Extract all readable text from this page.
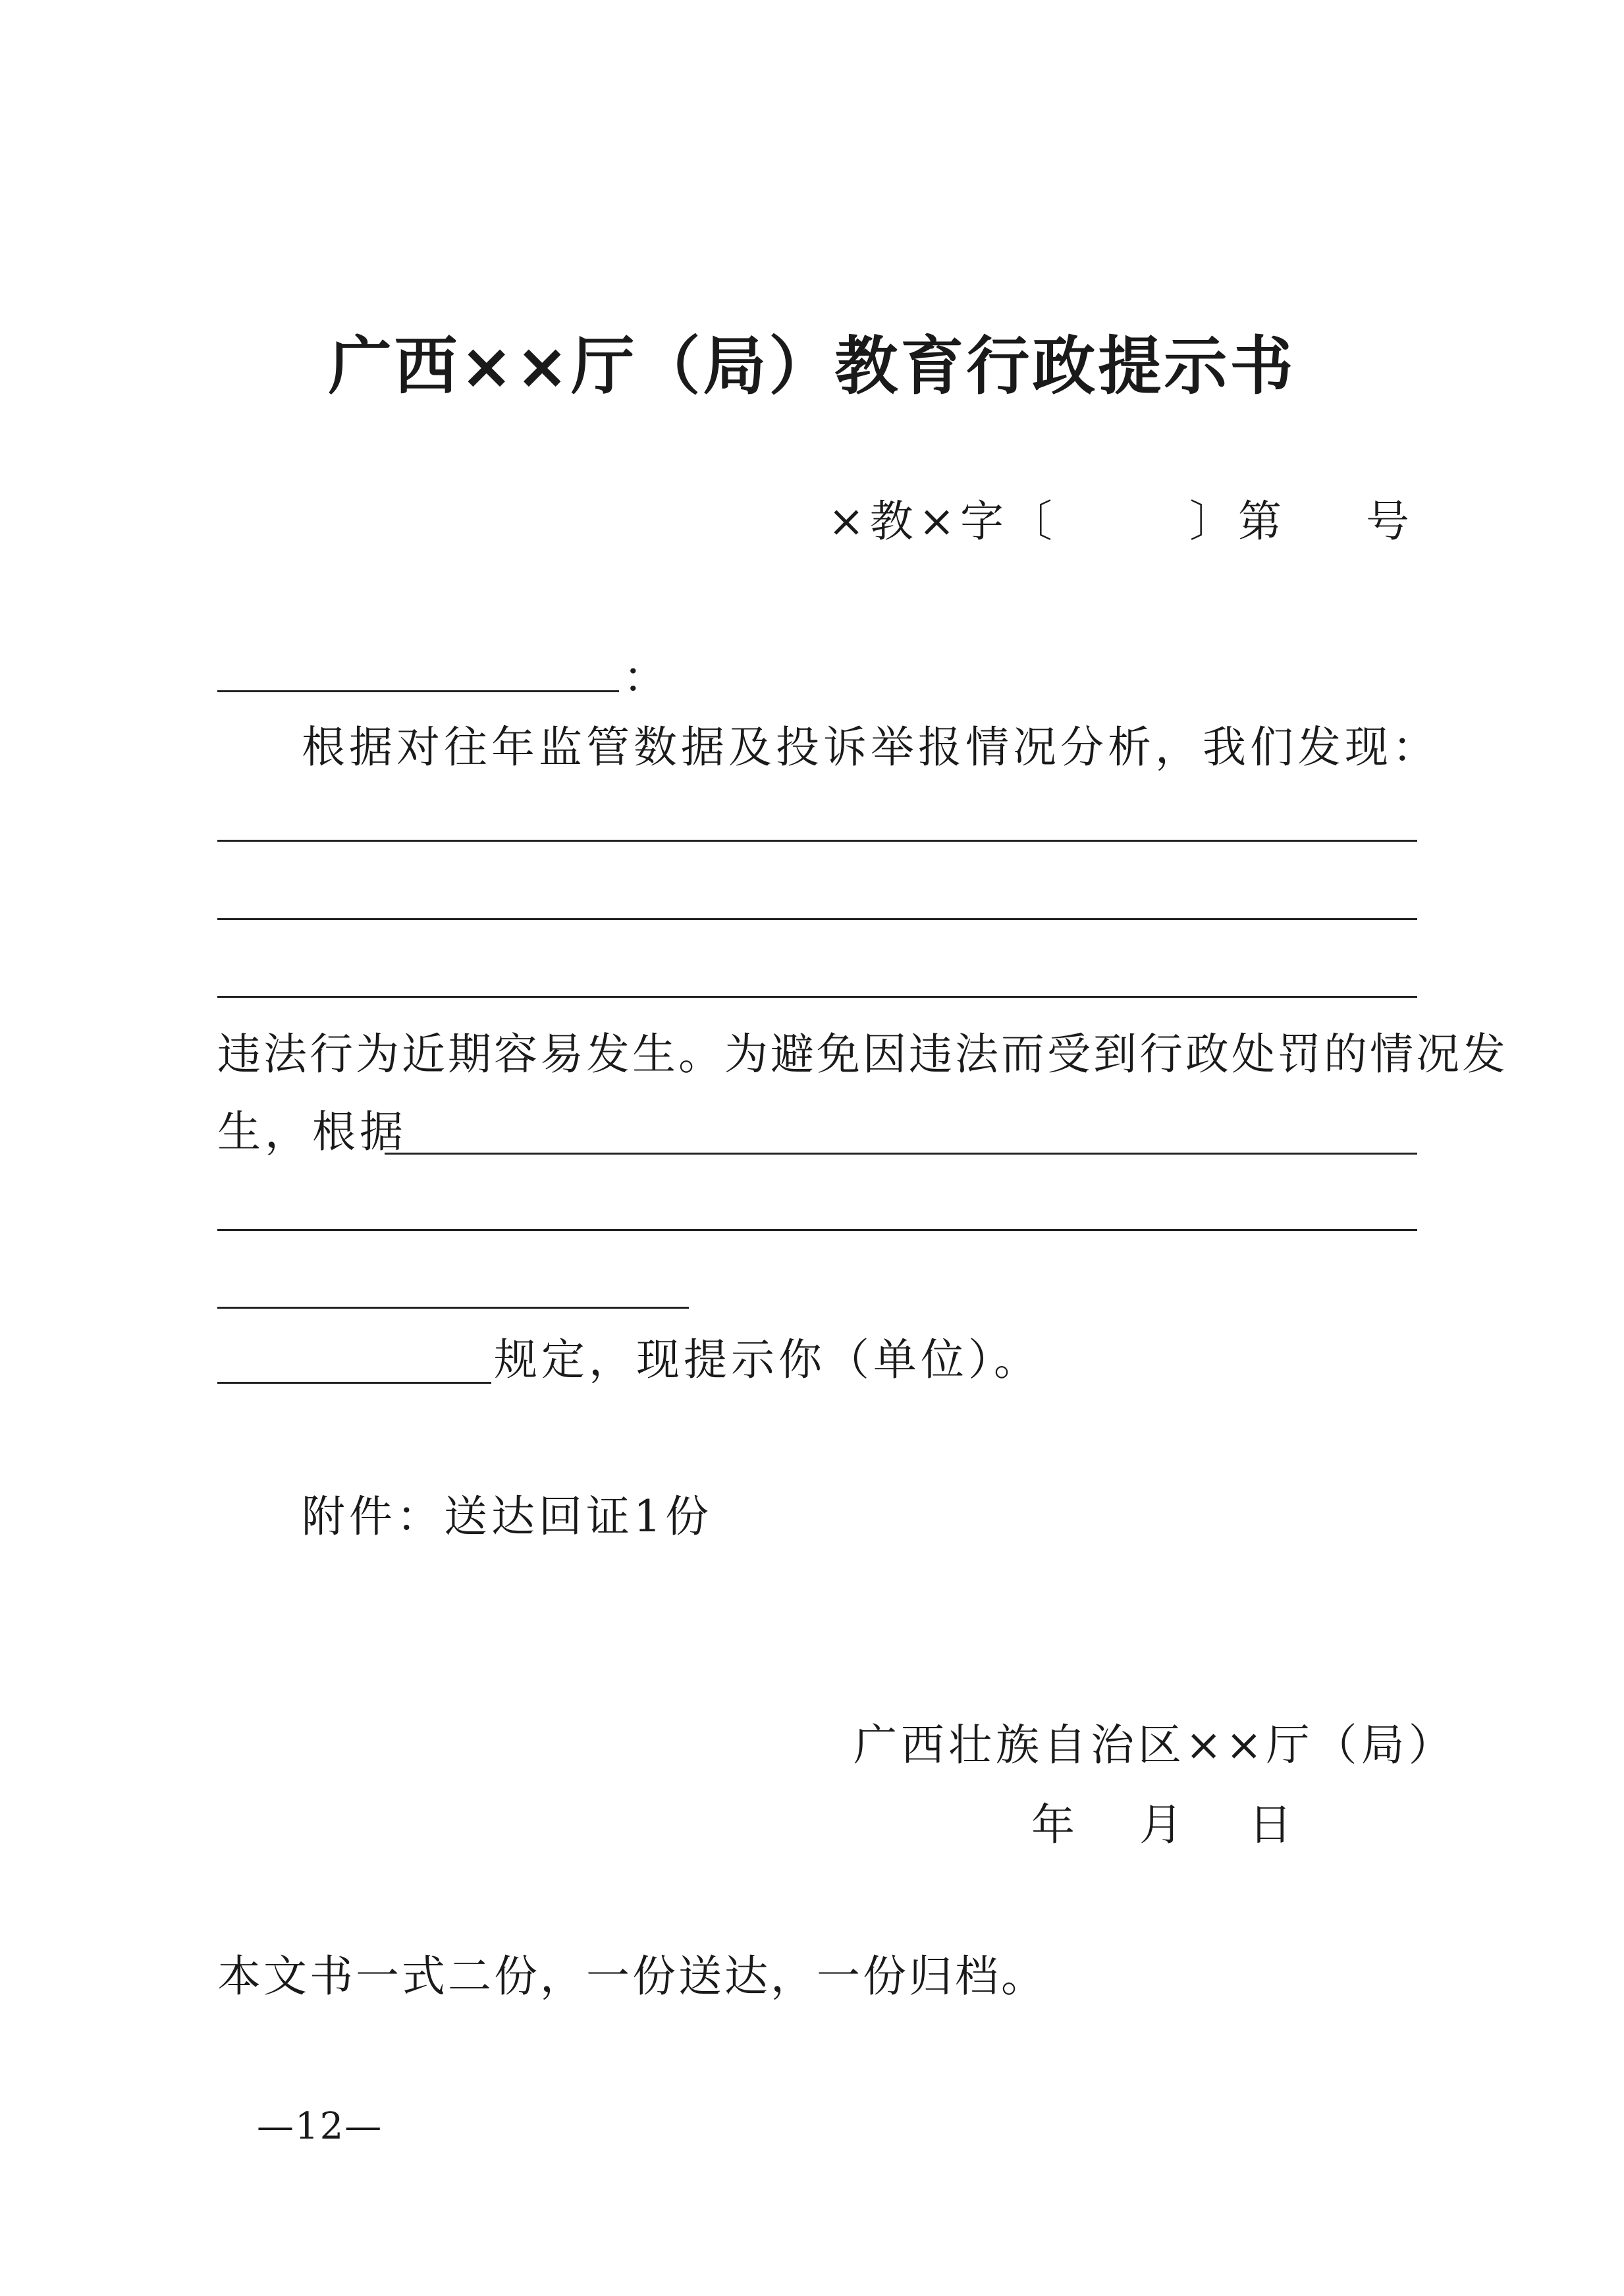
广西××厅（局）教育行政提示书
×教×字〔	〕第 号
：
根据对往年监管数据及投诉举报情况分析，我们发现：
违法行为近期容易发生。为避免因违法而受到行政处罚的情况发
生，根据
规定，现提示你（单位）。
附件：送达回证1份
广西壮族自治区××厅（局）
年 月 日
本文书一式二份，一份送达，一份归档。
—12—
